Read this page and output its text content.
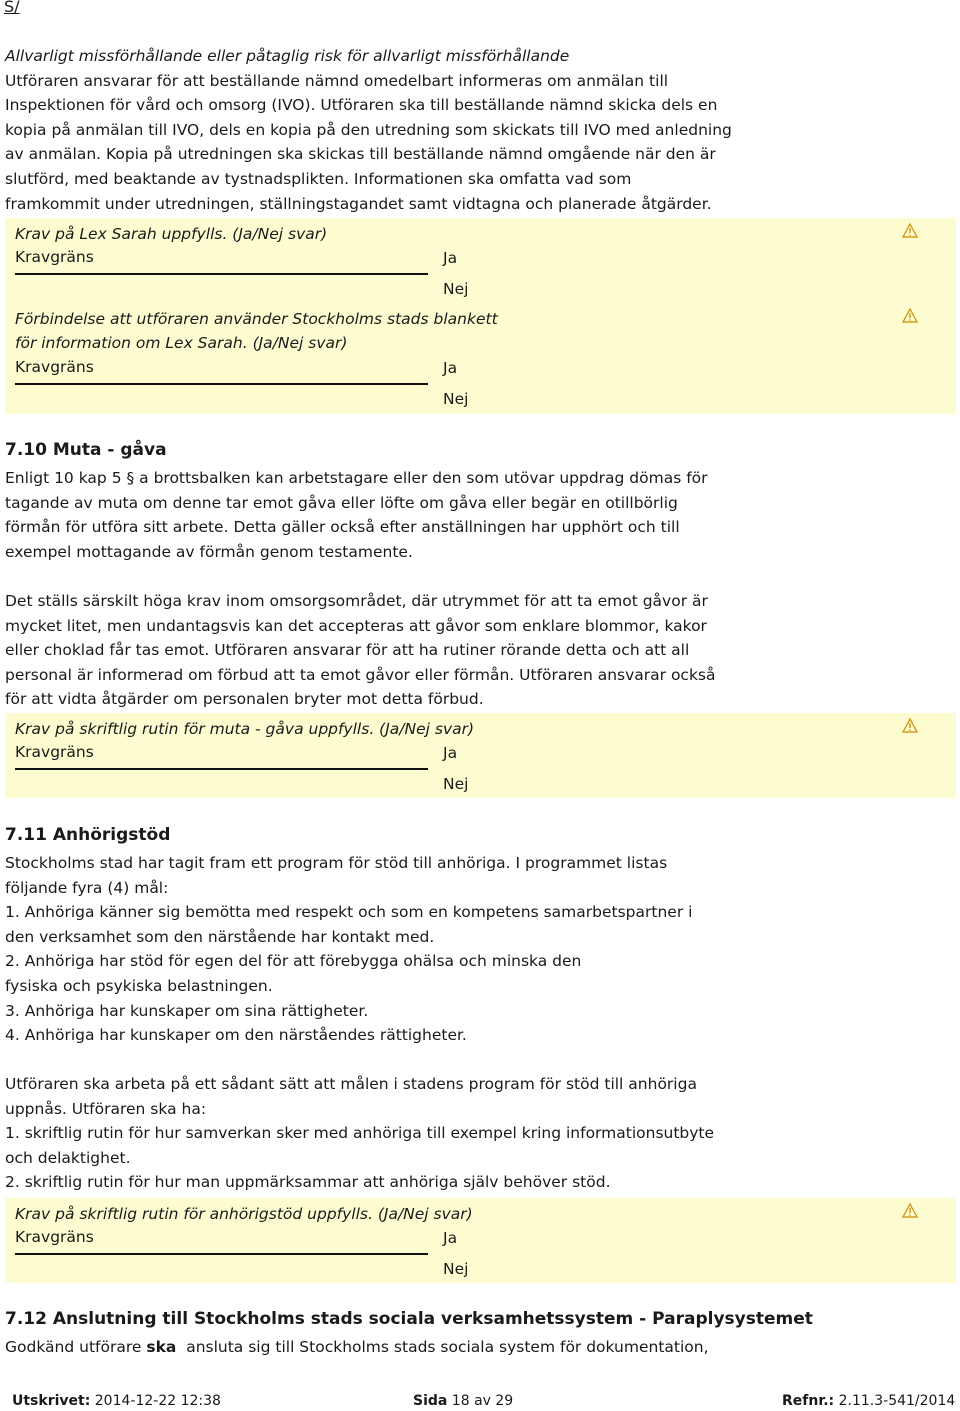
S/
Allvarligt missförhållande eller påtaglig risk för allvarligt missförhållande
Utföraren ansvarar för att beställande nämnd omedelbart informeras om anmälan till
Inspektionen för vård och omsorg (IVO). Utföraren ska till beställande nämnd skicka dels en
kopia på anmälan till IVO, dels en kopia på den utredning som skickats till IVO med anledning
av anmälan. Kopia på utredningen ska skickas till beställande nämnd omgående när den är
slutförd, med beaktande av tystnadsplikten. Informationen ska omfatta vad som
framkommit under utredningen, ställningstagandet samt vidtagna och planerade åtgärder.
Krav på Lex Sarah uppfylls. (Ja/Nej svar)
Kravgräns	Ja
Nej
Förbindelse att utföraren använder Stockholms stads blankett
för information om Lex Sarah. (Ja/Nej svar)
Kravgräns	Ja
Nej
7.10 Muta - gåva
Enligt 10 kap 5 § a brottsbalken kan arbetstagare eller den som utövar uppdrag dömas för
tagande av muta om denne tar emot gåva eller löfte om gåva eller begär en otillbörlig
förmån för utföra sitt arbete. Detta gäller också efter anställningen har upphört och till
exempel mottagande av förmån genom testamente.
Det ställs särskilt höga krav inom omsorgsområdet, där utrymmet för att ta emot gåvor är
mycket litet, men undantagsvis kan det accepteras att gåvor som enklare blommor, kakor
eller choklad får tas emot. Utföraren ansvarar för att ha rutiner rörande detta och att all
personal är informerad om förbud att ta emot gåvor eller förmån. Utföraren ansvarar också
för att vidta åtgärder om personalen bryter mot detta förbud.
Krav på skriftlig rutin för muta - gåva uppfylls. (Ja/Nej svar)
Kravgräns	Ja
Nej
7.11 Anhörigstöd
Stockholms stad har tagit fram ett program för stöd till anhöriga. I programmet listas
följande fyra (4) mål:
1. Anhöriga känner sig bemötta med respekt och som en kompetens samarbetspartner i
den verksamhet som den närstående har kontakt med.
2. Anhöriga har stöd för egen del för att förebygga ohälsa och minska den
fysiska och psykiska belastningen.
3. Anhöriga har kunskaper om sina rättigheter.
4. Anhöriga har kunskaper om den närståendes rättigheter.
Utföraren ska arbeta på ett sådant sätt att målen i stadens program för stöd till anhöriga
uppnås. Utföraren ska ha:
1. skriftlig rutin för hur samverkan sker med anhöriga till exempel kring informationsutbyte
och delaktighet.
2. skriftlig rutin för hur man uppmärksammar att anhöriga själv behöver stöd.
Krav på skriftlig rutin för anhörigstöd uppfylls. (Ja/Nej svar)
Kravgräns	Ja
Nej
7.12 Anslutning till Stockholms stads sociala verksamhetssystem - Paraplysystemet
Godkänd utförare ska  ansluta sig till Stockholms stads sociala system för dokumentation,
Utskrivet: 2014-12-22 12:38	Sida 18 av 29	Refnr.: 2.11.3-541/2014
